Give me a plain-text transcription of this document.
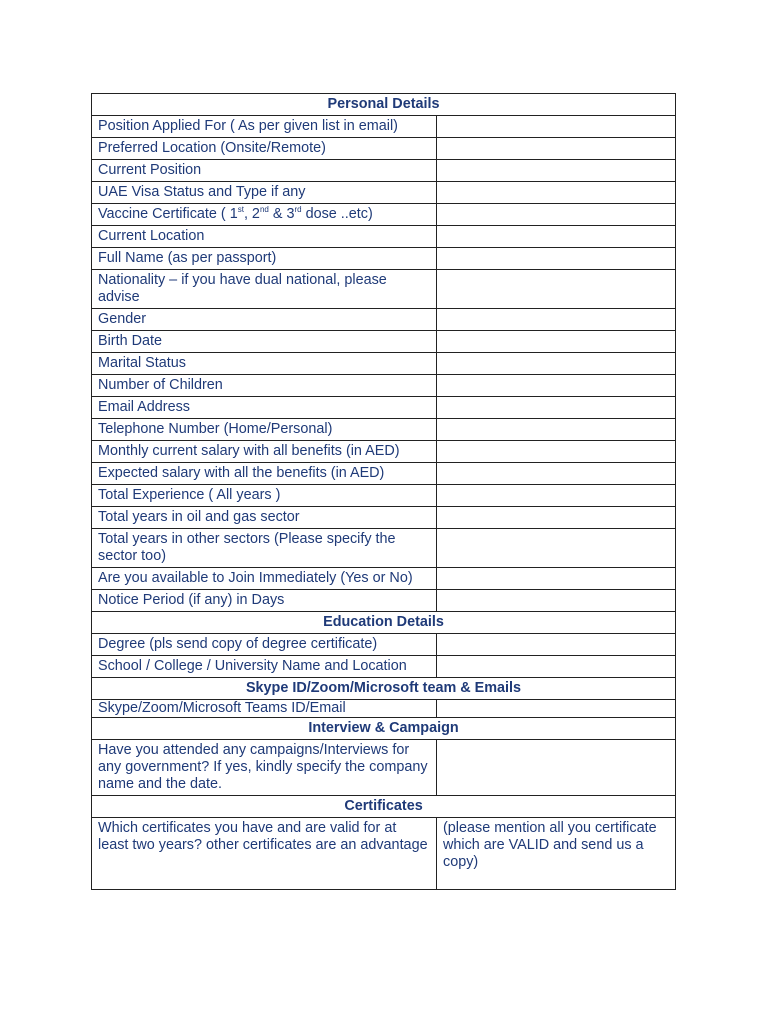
Personal Details	
Position Applied For ( As per given list in email)	
Preferred Location (Onsite/Remote)	
Current Position	
UAE Visa Status and Type if any	
Vaccine Certificate ( 1st, 2nd & 3rd dose ..etc)	
Current Location	
Full Name (as per passport)	
Nationality – if you have dual national, please advise	
Gender	
Birth Date	
Marital Status	
Number of Children	
Email Address	
Telephone Number (Home/Personal)	
Monthly current salary with all benefits (in AED)	
Expected salary with all the benefits (in AED)	
Total Experience ( All years )	
Total years in oil and gas sector	
Total years in other sectors (Please specify the sector too)	
Are you available to Join Immediately (Yes or No)	
Notice Period (if any) in Days	
Education Details	
Degree (pls send copy of degree certificate)	
School / College / University Name and Location	
Skype ID/Zoom/Microsoft team & Emails	
Skype/Zoom/Microsoft Teams ID/Email	
Interview & Campaign	
Have you attended any campaigns/Interviews for any government? If yes, kindly specify the company name and the date.	
Certificates	
Which certificates you have and are valid for at least two years? other certificates are an advantage	(please mention all you certificate which are VALID and send us a copy)
